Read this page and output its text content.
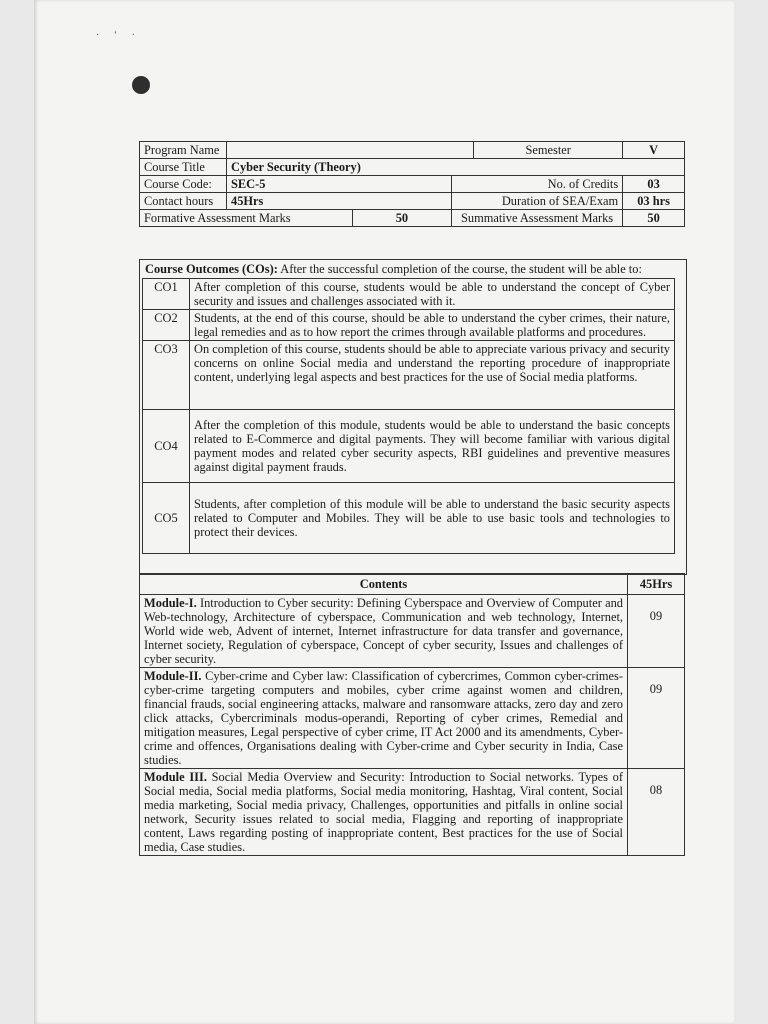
· ʻ ·
Program Name				Semester	V
Course Title	Cyber Security (Theory)				
Course Code:	SEC-5		No. of Credits		03
Contact hours	45Hrs		Duration of SEA/Exam		03 hrs
Formative Assessment Marks		50	Summative Assessment Marks		50
Course Outcomes (COs): After the successful completion of the course, the student will be able to:
CO1	After completion of this course, students would be able to understand the concept of Cyber security and issues and challenges associated with it.
CO2	Students, at the end of this course, should be able to understand the cyber crimes, their nature, legal remedies and as to how report the crimes through available platforms and procedures.
CO3	On completion of this course, students should be able to appreciate various privacy and security concerns on online Social media and understand the reporting procedure of inappropriate content, underlying legal aspects and best practices for the use of Social media platforms.
CO4	After the completion of this module, students would be able to understand the basic concepts related to E-Commerce and digital payments. They will become familiar with various digital payment modes and related cyber security aspects, RBI guidelines and preventive measures against digital payment frauds.
CO5	Students, after completion of this module will be able to understand the basic security aspects related to Computer and Mobiles. They will be able to use basic tools and technologies to protect their devices.
Contents	45Hrs
Module-I. Introduction to Cyber security: Defining Cyberspace and Overview of Computer and Web-technology, Architecture of cyberspace, Communication and web technology, Internet, World wide web, Advent of internet, Internet infrastructure for data transfer and governance, Internet society, Regulation of cyberspace, Concept of cyber security, Issues and challenges of cyber security.	09
Module-II. Cyber-crime and Cyber law: Classification of cybercrimes, Common cyber-crimes- cyber-crime targeting computers and mobiles, cyber crime against women and children, financial frauds, social engineering attacks, malware and ransomware attacks, zero day and zero click attacks, Cybercriminals modus-operandi, Reporting of cyber crimes, Remedial and mitigation measures, Legal perspective of cyber crime, IT Act 2000 and its amendments, Cyber-crime and offences, Organisations dealing with Cyber-crime and Cyber security in India, Case studies.	09
Module III. Social Media Overview and Security: Introduction to Social networks. Types of Social media, Social media platforms, Social media monitoring, Hashtag, Viral content, Social media marketing, Social media privacy, Challenges, opportunities and pitfalls in online social network, Security issues related to social media, Flagging and reporting of inappropriate content, Laws regarding posting of inappropriate content, Best practices for the use of Social media, Case studies.	08
